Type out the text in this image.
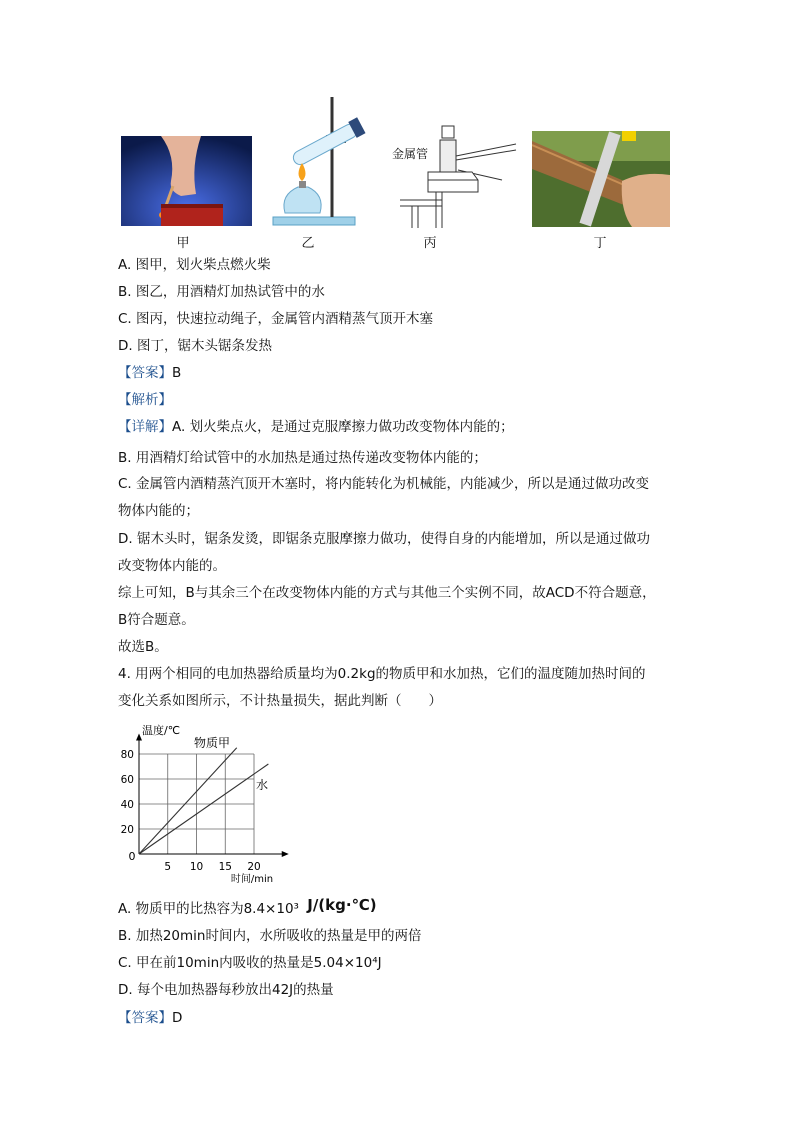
金属管
甲	乙	丙	丁
A. 图甲，划火柴点燃火柴
B. 图乙，用酒精灯加热试管中的水
C. 图丙，快速拉动绳子，金属管内酒精蒸气顶开木塞
D. 图丁，锯木头锯条发热
【答案】B
【解析】
【详解】A. 划火柴点火，是通过克服摩擦力做功改变物体内能的；
B. 用酒精灯给试管中的水加热是通过热传递改变物体内能的；
C. 金属管内酒精蒸汽顶开木塞时，将内能转化为机械能，内能减少，所以是通过做功改变
物体内能的；
D. 锯木头时，锯条发烫，即锯条克服摩擦力做功，使得自身的内能增加，所以是通过做功
改变物体内能的。
综上可知，B与其余三个在改变物体内能的方式与其他三个实例不同，故ACD不符合题意，
B符合题意。
故选B。
4. 用两个相同的电加热器给质量均为0.2kg的物质甲和水加热，它们的温度随加热时间的
变化关系如图所示，不计热量损失，据此判断（　　）
20
40
60
80
5 10 15 20
温度/℃
时间/min
0
物质甲
水
A. 物质甲的比热容为8.4×10³ J/(kg·℃)
B. 加热20min时间内，水所吸收的热量是甲的两倍
C. 甲在前10min内吸收的热量是5.04×10⁴J
D. 每个电加热器每秒放出42J的热量
【答案】D
